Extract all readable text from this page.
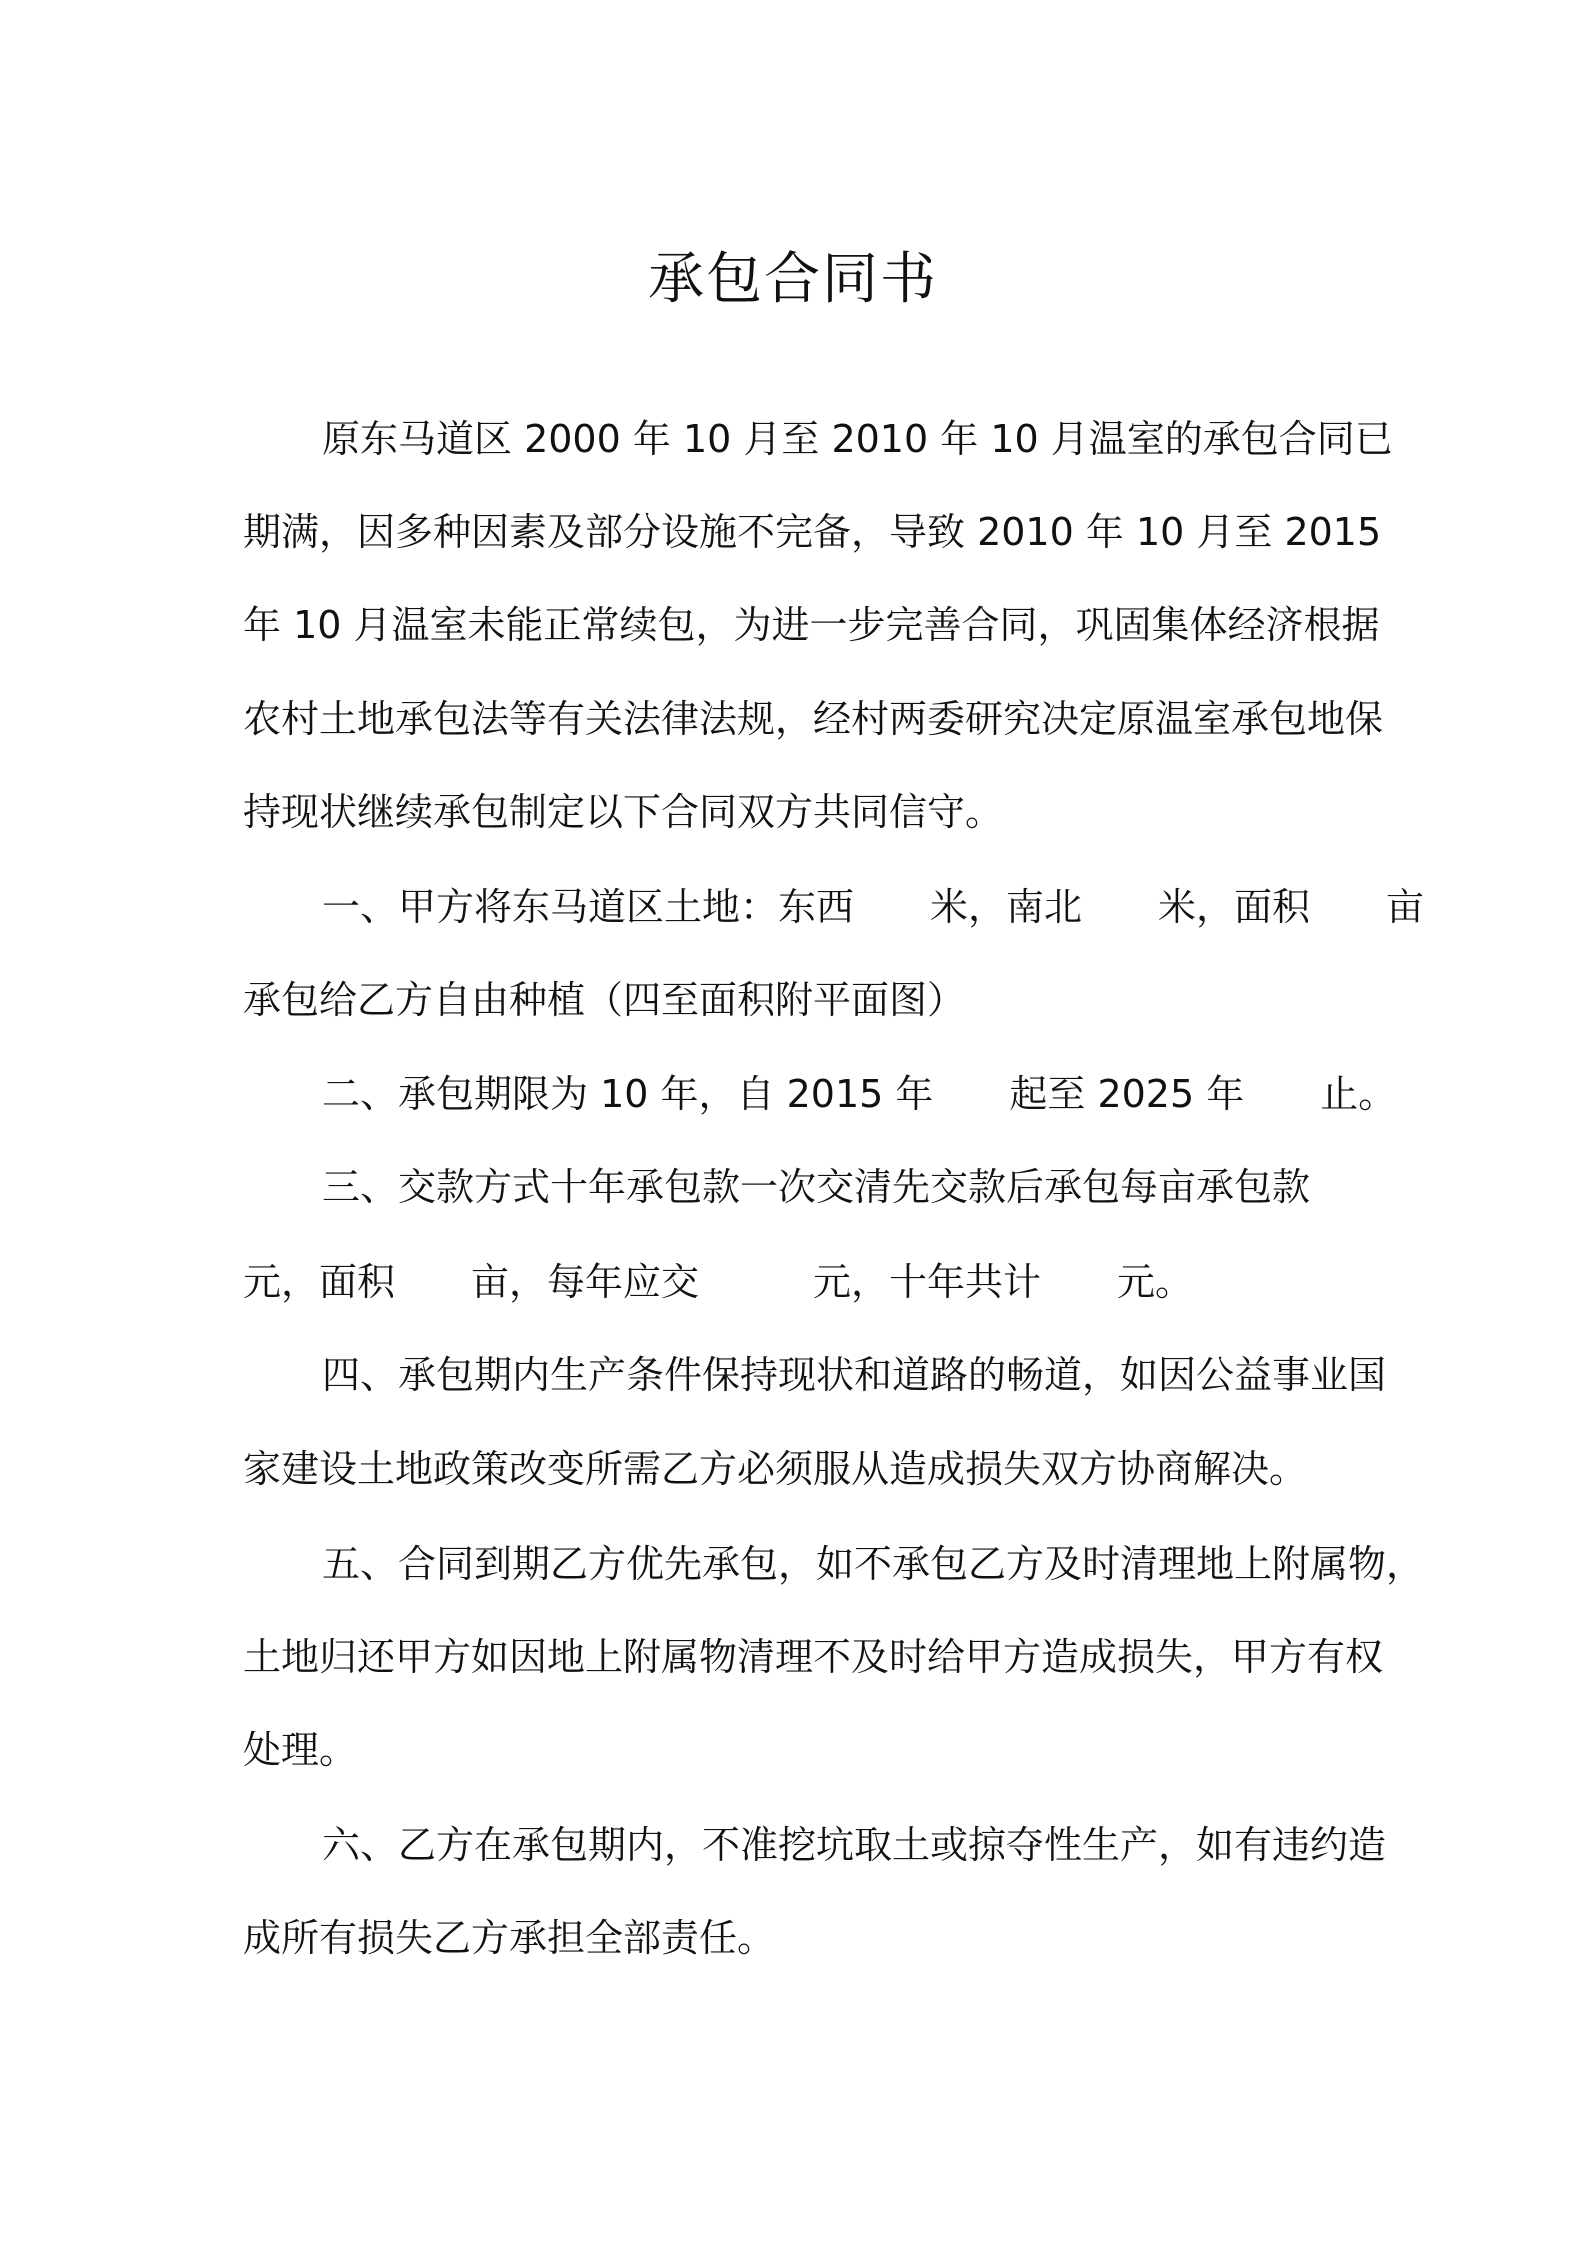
承包合同书
原东马道区 2000 年 10 月至 2010 年 10 月温室的承包合同已
期满，因多种因素及部分设施不完备，导致 2010 年 10 月至 2015
年 10 月温室未能正常续包，为进一步完善合同，巩固集体经济根据
农村土地承包法等有关法律法规，经村两委研究决定原温室承包地保
持现状继续承包制定以下合同双方共同信守。
一、甲方将东马道区土地：东西　　米，南北　　米，面积　　亩
承包给乙方自由种植（四至面积附平面图）
二、承包期限为 10 年，自 2015 年　　起至 2025 年　　止。
三、交款方式十年承包款一次交清先交款后承包每亩承包款
元，面积　　亩，每年应交　　　元，十年共计　　元。
四、承包期内生产条件保持现状和道路的畅道，如因公益事业国
家建设土地政策改变所需乙方必须服从造成损失双方协商解决。
五、合同到期乙方优先承包，如不承包乙方及时清理地上附属物，
土地归还甲方如因地上附属物清理不及时给甲方造成损失，甲方有权
处理。
六、乙方在承包期内，不准挖坑取土或掠夺性生产，如有违约造
成所有损失乙方承担全部责任。
